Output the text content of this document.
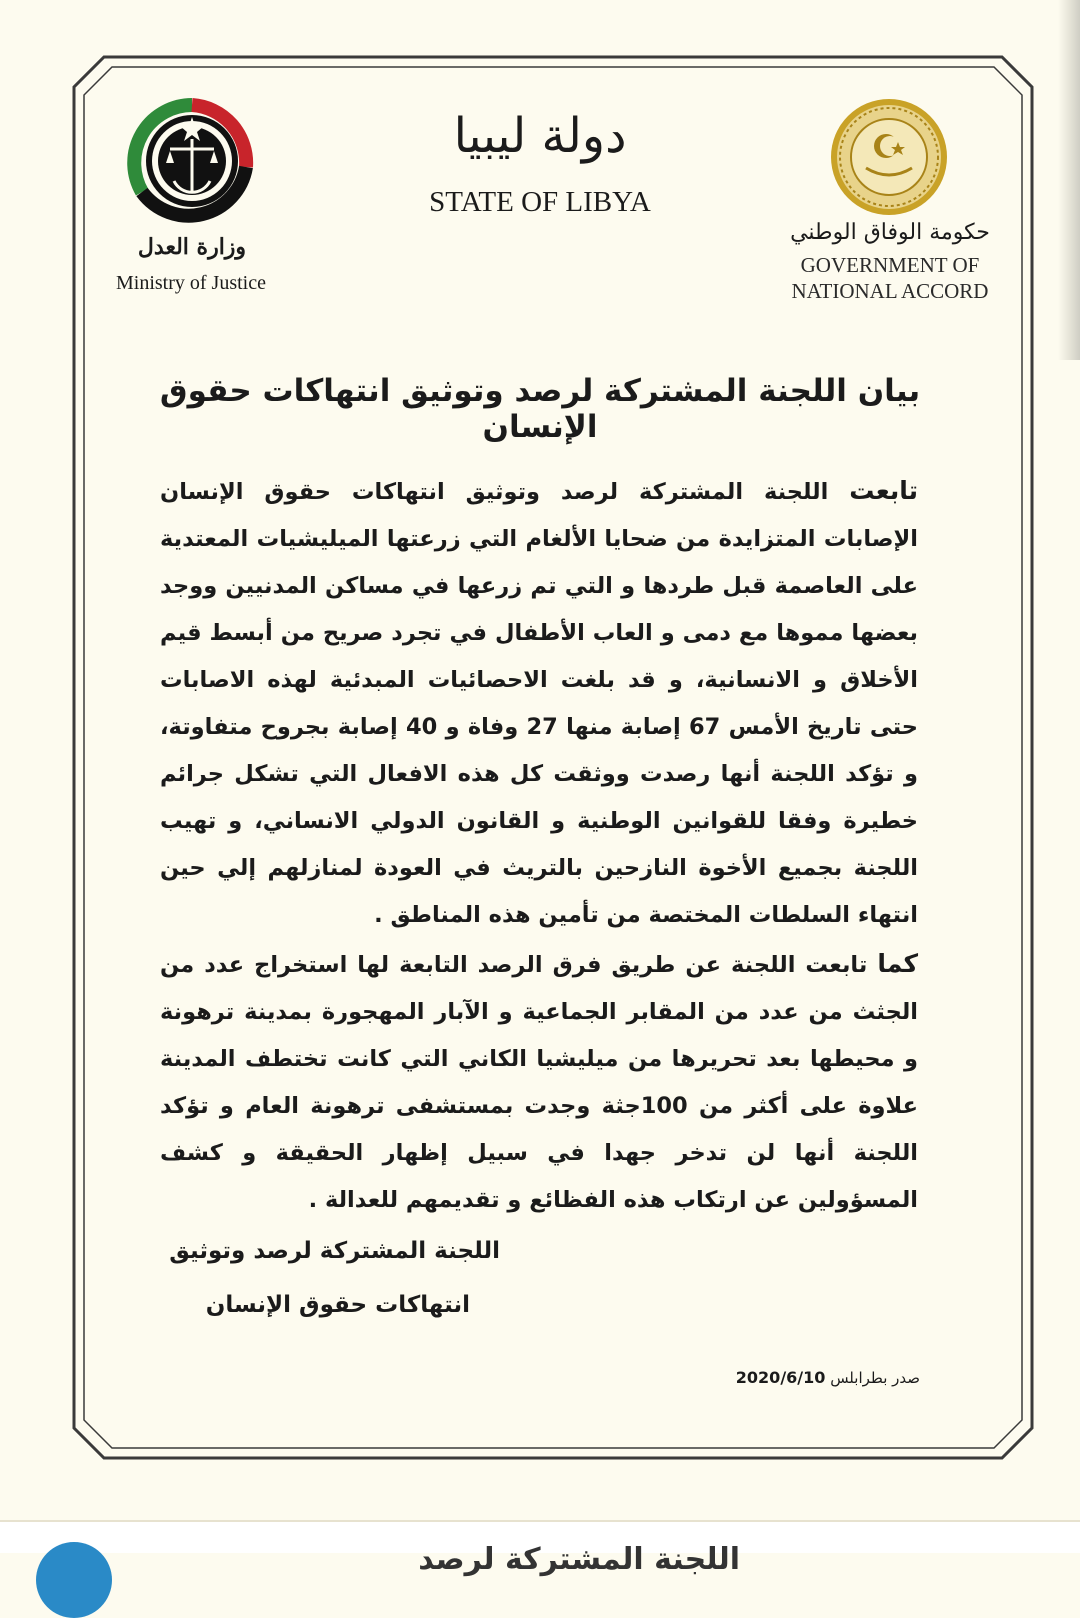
وزارة العدل
Ministry of Justice
دولة ليبيا
STATE OF LIBYA
حكومة الوفاق الوطني
GOVERNMENT OF
NATIONAL ACCORD
بيان اللجنة المشتركة لرصد وتوثيق انتهاكات حقوق الإنسان
تابعت اللجنة المشتركة لرصد وتوثيق انتهاكات حقوق الإنسان الإصابات المتزايدة من ضحايا الألغام التي زرعتها الميليشيات المعتدية على العاصمة قبل طردها و التي تم زرعها في مساكن المدنيين ووجد بعضها مموها مع دمى و العاب الأطفال في تجرد صريح من أبسط قيم الأخلاق و الانسانية، و قد بلغت الاحصائيات المبدئية لهذه الاصابات حتى تاريخ الأمس 67 إصابة منها 27 وفاة و 40 إصابة بجروح متفاوتة، و تؤكد اللجنة أنها رصدت ووثقت كل هذه الافعال التي تشكل جرائم خطيرة وفقا للقوانين الوطنية و القانون الدولي الانساني، و تهيب اللجنة بجميع الأخوة النازحين بالتريث في العودة لمنازلهم إلي حين انتهاء السلطات المختصة من تأمين هذه المناطق .
كما تابعت اللجنة عن طريق فرق الرصد التابعة لها استخراج عدد من الجثث من عدد من المقابر الجماعية و الآبار المهجورة بمدينة ترهونة و محيطها بعد تحريرها من ميليشيا الكاني التي كانت تختطف المدينة علاوة على أكثر من 100جثة وجدت بمستشفى ترهونة العام و تؤكد اللجنة أنها لن تدخر جهدا في سبيل إظهار الحقيقة و كشف المسؤولين عن ارتكاب هذه الفظائع و تقديمهم للعدالة .
اللجنة المشتركة لرصد وتوثيق
انتهاكات حقوق الإنسان
صدر بطرابلس 2020/6/10
اللجنة المشتركة لرصد
